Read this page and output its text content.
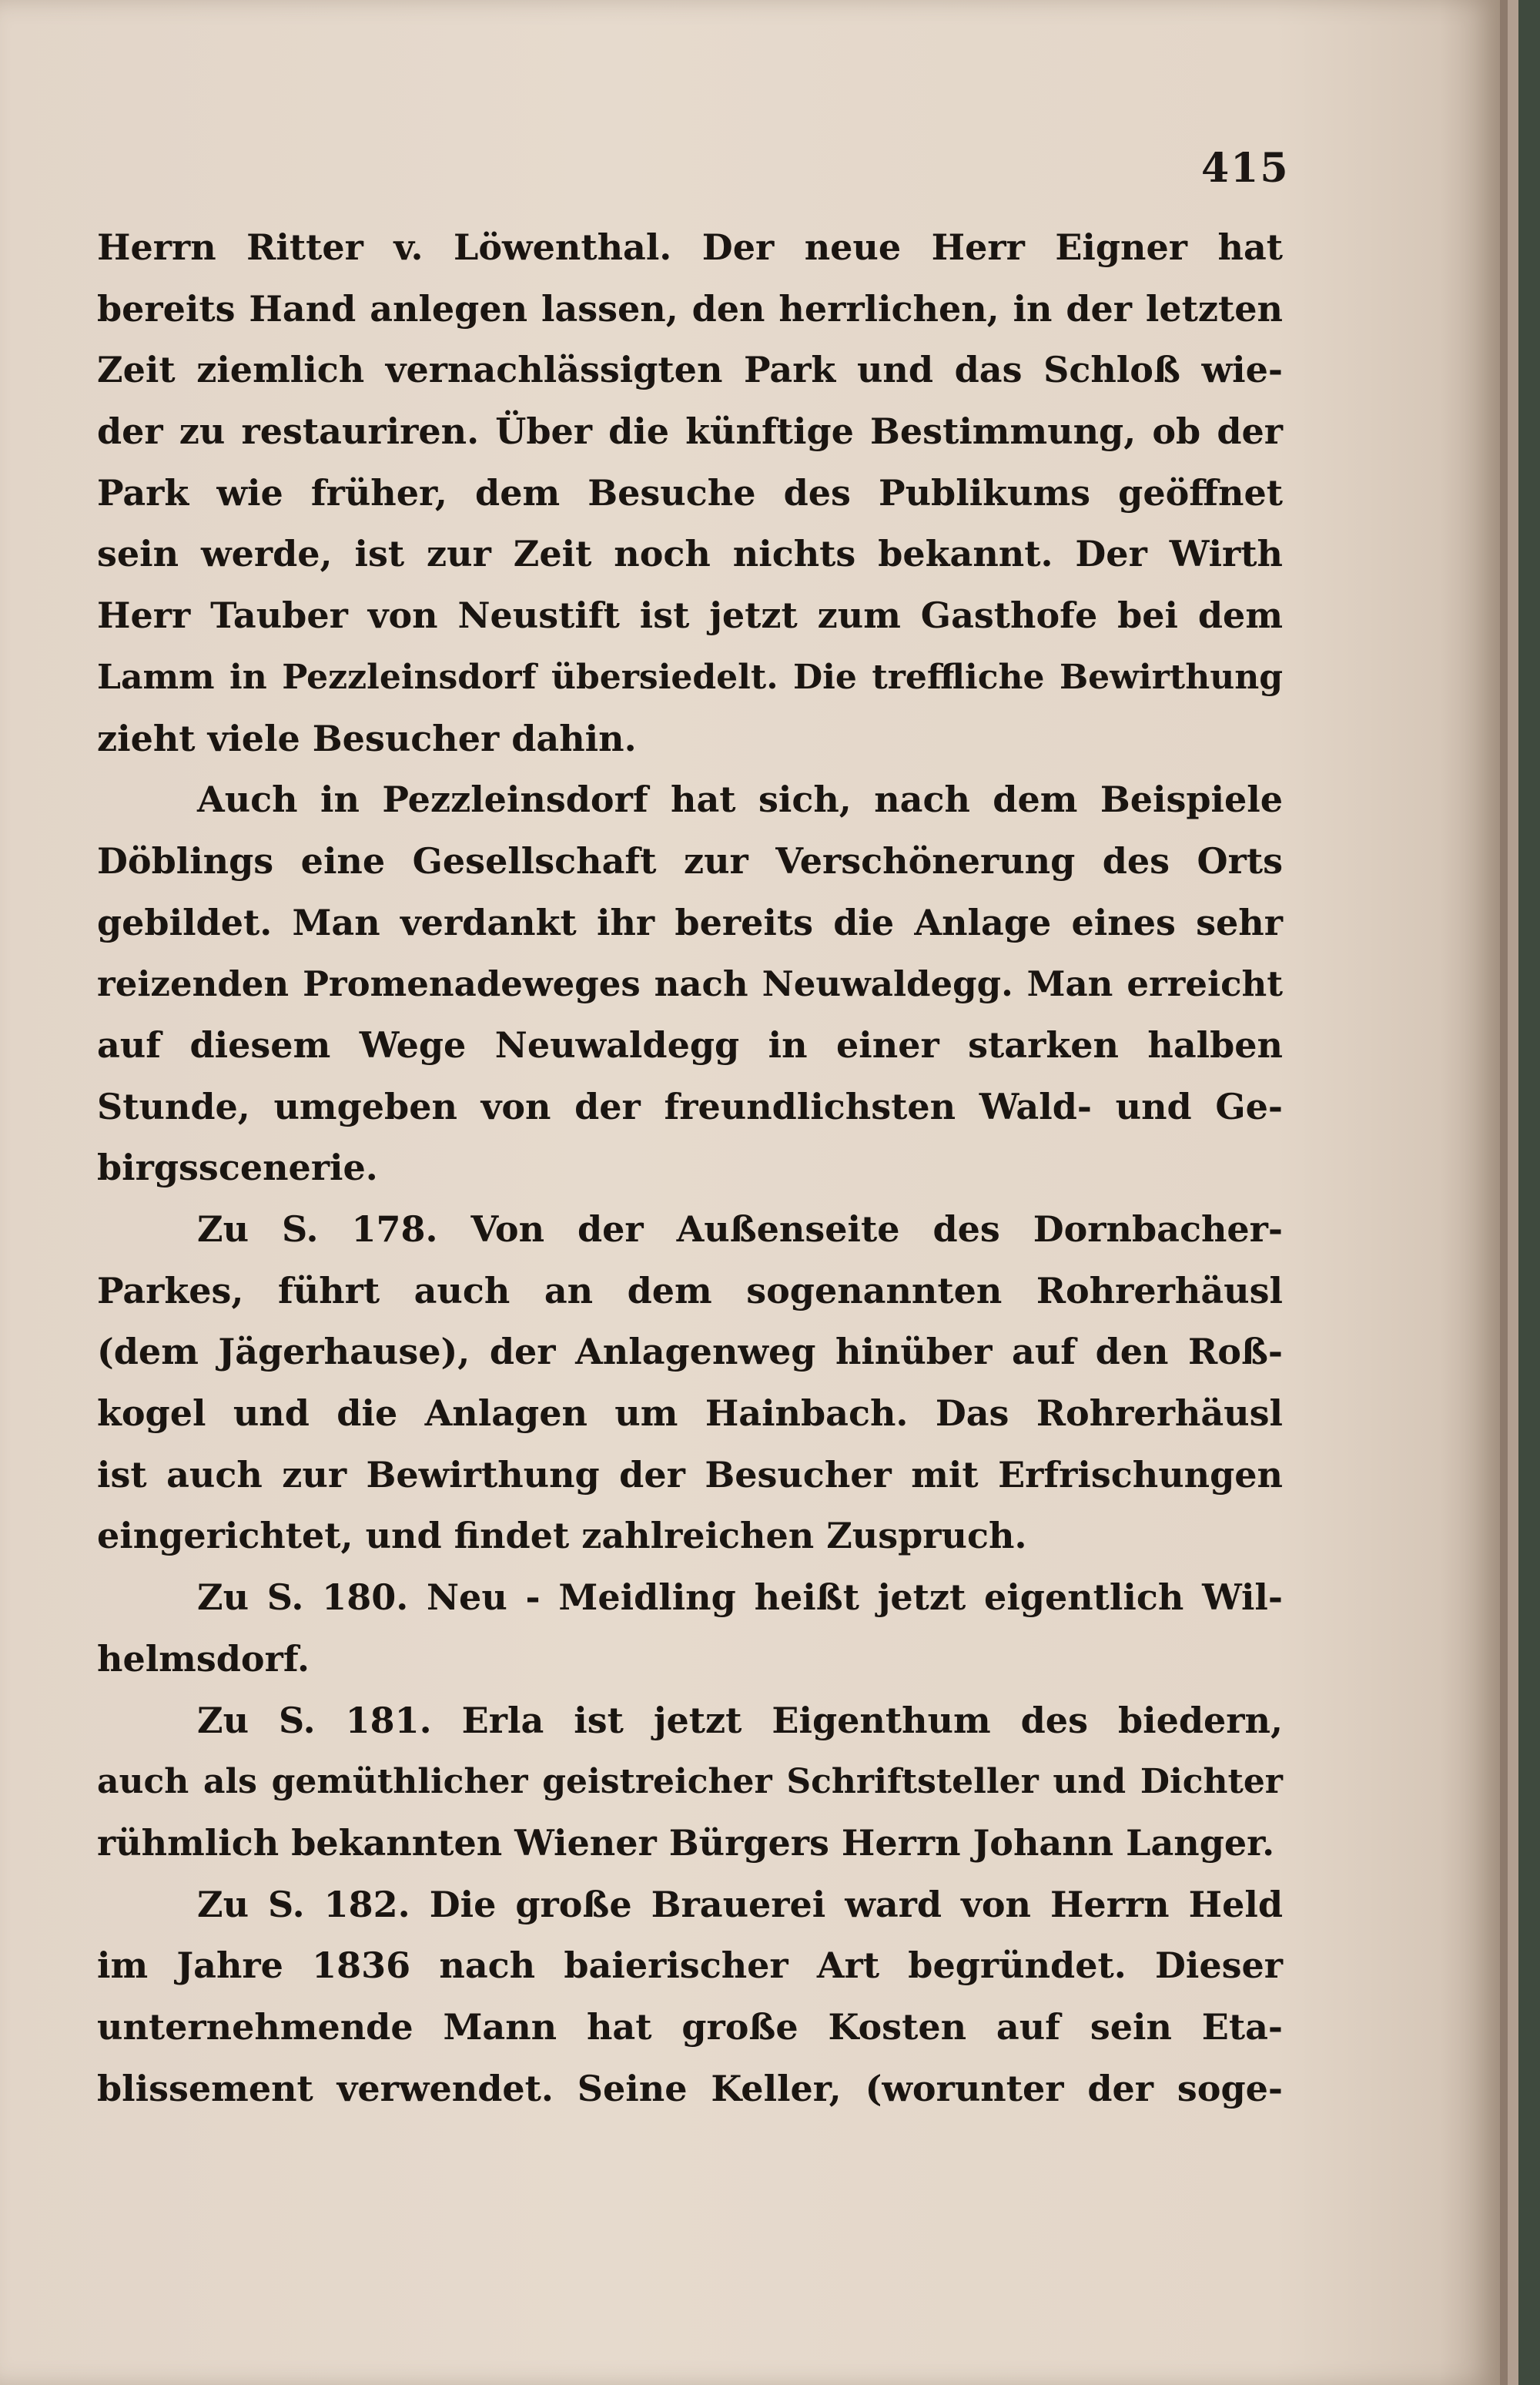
415
Herrn Ritter v. Löwenthal. Der neue Herr Eigner hat
bereits Hand anlegen lassen, den herrlichen, in der letzten
Zeit ziemlich vernachlässigten Park und das Schloß wie-
der zu restauriren. Über die künftige Bestimmung, ob der
Park wie früher, dem Besuche des Publikums geöffnet
sein werde, ist zur Zeit noch nichts bekannt. Der Wirth
Herr Tauber von Neustift ist jetzt zum Gasthofe bei dem
Lamm in Pezzleinsdorf übersiedelt. Die treffliche Bewirthung
zieht viele Besucher dahin.
Auch in Pezzleinsdorf hat sich, nach dem Beispiele
Döblings eine Gesellschaft zur Verschönerung des Orts
gebildet. Man verdankt ihr bereits die Anlage eines sehr
reizenden Promenadeweges nach Neuwaldegg. Man erreicht
auf diesem Wege Neuwaldegg in einer starken halben
Stunde, umgeben von der freundlichsten Wald- und Ge-
birgsscenerie.
Zu S. 178. Von der Außenseite des Dornbacher-
Parkes, führt auch an dem sogenannten Rohrerhäusl
(dem Jägerhause), der Anlagenweg hinüber auf den Roß-
kogel und die Anlagen um Hainbach. Das Rohrerhäusl
ist auch zur Bewirthung der Besucher mit Erfrischungen
eingerichtet, und findet zahlreichen Zuspruch.
Zu S. 180. Neu - Meidling heißt jetzt eigentlich Wil-
helmsdorf.
Zu S. 181. Erla ist jetzt Eigenthum des biedern,
auch als gemüthlicher geistreicher Schriftsteller und Dichter
rühmlich bekannten Wiener Bürgers Herrn Johann Langer.
Zu S. 182. Die große Brauerei ward von Herrn Held
im Jahre 1836 nach baierischer Art begründet. Dieser
unternehmende Mann hat große Kosten auf sein Eta-
blissement verwendet. Seine Keller, (worunter der soge-
